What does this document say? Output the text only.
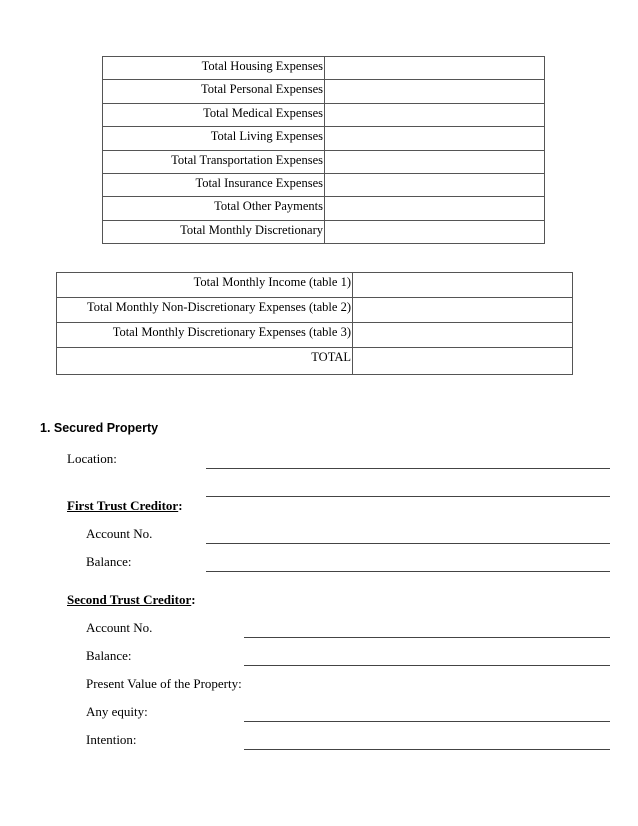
Total Housing Expenses	
Total Personal Expenses	
Total Medical Expenses	
Total Living Expenses	
Total Transportation Expenses	
Total Insurance Expenses	
Total Other Payments	
Total Monthly Discretionary	
Total Monthly Income (table 1)	
Total Monthly Non-Discretionary Expenses (table 2)	
Total Monthly Discretionary Expenses (table 3)	
TOTAL	
1. Secured Property
Location:
First Trust Creditor:
Account No.
Balance:
Second Trust Creditor:
Account No.
Balance:
Present Value of the Property:
Any equity:
Intention:
